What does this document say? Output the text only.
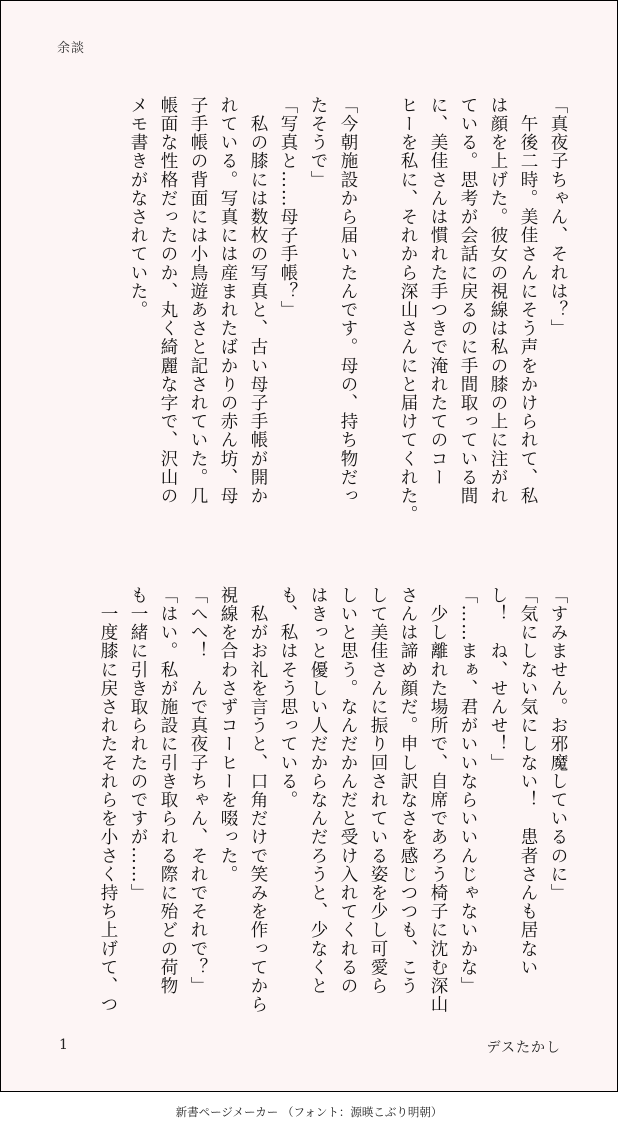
余談

「真夜子ちゃん、それは？」

　午後二時。美佳さんにそう声をかけられて、私

は顔を上げた。彼女の視線は私の膝の上に注がれ

ている。思考が会話に戻るのに手間取っている間

に、美佳さんは慣れた手つきで淹れたてのコー

ヒーを私に、それから深山さんにと届けてくれた。

「今朝施設から届いたんです。母の、持ち物だっ

たそうで」

「写真と……母子手帳？」

　私の膝には数枚の写真と、古い母子手帳が開か

れている。写真には産まれたばかりの赤ん坊、母

子手帳の背面には小鳥遊あさと記されていた。几

帳面な性格だったのか、丸く綺麗な字で、沢山の

メモ書きがなされていた。

「すみません。お邪魔しているのに」

「気にしない気にしない！　患者さんも居ない

し！　ね、せんせ！」

「……まぁ、君がいいならいいんじゃないかな」

　少し離れた場所で、自席であろう椅子に沈む深山

さんは諦め顔だ。申し訳なさを感じつつも、こう

して美佳さんに振り回されている姿を少し可愛ら

しいと思う。なんだかんだと受け入れてくれるの

はきっと優しい人だからなんだろうと、少なくと

も、私はそう思っている。

　私がお礼を言うと、口角だけで笑みを作ってから

視線を合わさずコーヒーを啜った。

「へへ！　んで真夜子ちゃん、それでそれで？」

「はい。私が施設に引き取られる際に殆どの荷物

も一緒に引き取られたのですが……」

　一度膝に戻されたそれらを小さく持ち上げて、つ

1	デスたかし
新書ページメーカー （フォント：源暎こぶり明朝）
